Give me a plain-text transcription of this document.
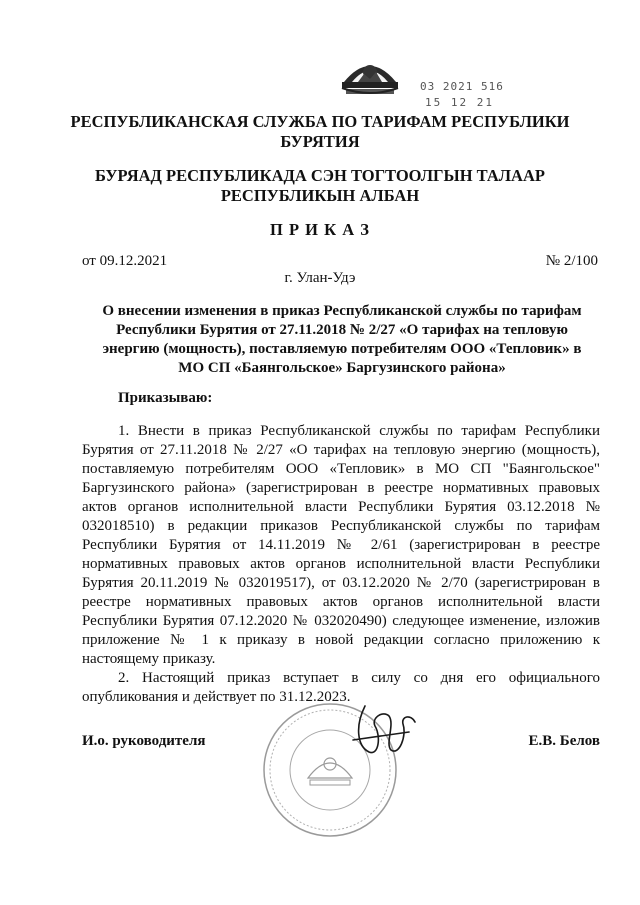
03 2021 516
15 12 21
РЕСПУБЛИКАНСКАЯ СЛУЖБА ПО ТАРИФАМ РЕСПУБЛИКИ БУРЯТИЯ
БУРЯАД РЕСПУБЛИКАДА СЭН ТОГТООЛГЫН ТАЛААР РЕСПУБЛИКЫН АЛБАН
П Р И К А З
от 09.12.2021	№ 2/100
г. Улан-Удэ
О внесении изменения в приказ Республиканской службы по тарифам Республики Бурятия от 27.11.2018 № 2/27 «О тарифах на тепловую энергию (мощность), поставляемую потребителям ООО «Тепловик» в МО СП «Баянгольское» Баргузинского района»
Приказываю:

1. Внести в приказ Республиканской службы по тарифам Республики Бурятия от 27.11.2018 № 2/27 «О тарифах на тепловую энергию (мощность), поставляемую потребителям ООО «Тепловик» в МО СП "Баянгольское" Баргузинского района» (зарегистрирован в реестре нормативных правовых актов органов исполнительной власти Республики Бурятия 03.12.2018 № 032018510) в редакции приказов Республиканской службы по тарифам Республики Бурятия от 14.11.2019 № 2/61 (зарегистрирован в реестре нормативных правовых актов органов исполнительной власти Республики Бурятия 20.11.2019 № 032019517), от 03.12.2020 № 2/70 (зарегистрирован в реестре нормативных правовых актов органов исполнительной власти Республики Бурятия 07.12.2020 № 032020490) следующее изменение, изложив приложение № 1 к приказу в новой редакции согласно приложению к настоящему приказу.

2. Настоящий приказ вступает в силу со дня его официального опубликования и действует по 31.12.2023.

И.о. руководителя	Е.В. Белов
